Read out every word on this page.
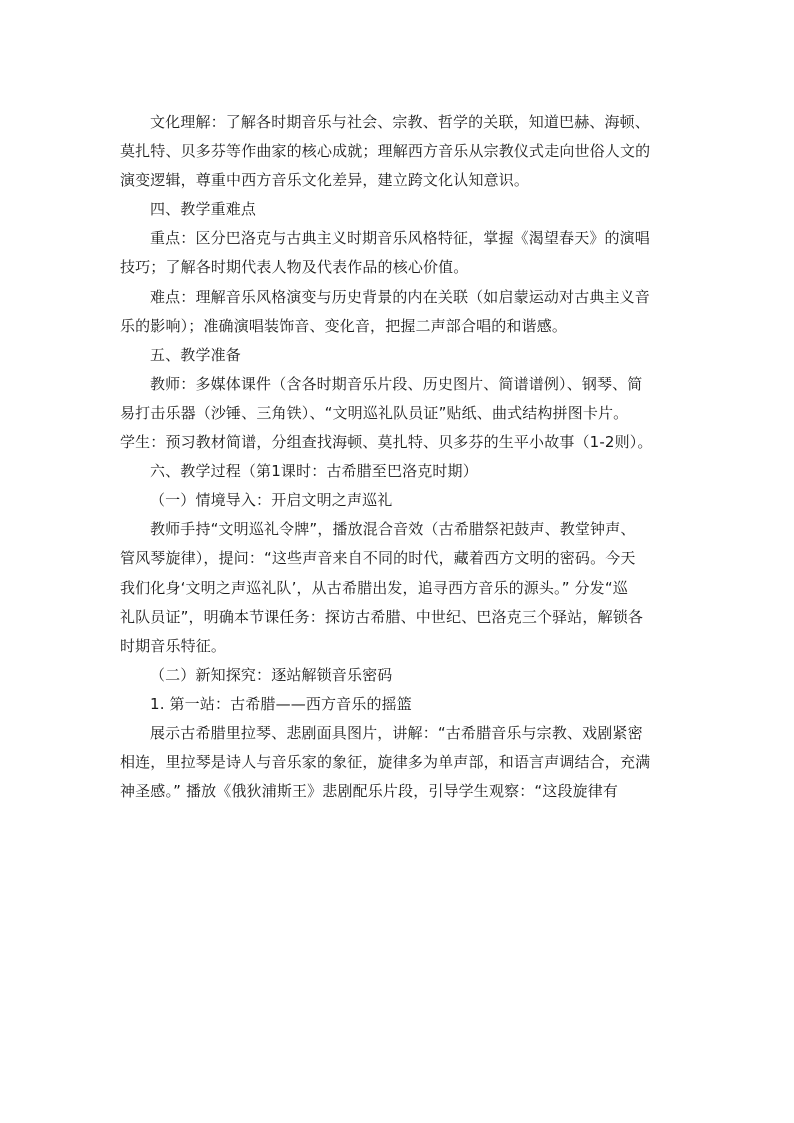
文化理解：了解各时期音乐与社会、宗教、哲学的关联，知道巴赫、海顿、
莫扎特、贝多芬等作曲家的核心成就；理解西方音乐从宗教仪式走向世俗人文的
演变逻辑，尊重中西方音乐文化差异，建立跨文化认知意识。
四、教学重难点
重点：区分巴洛克与古典主义时期音乐风格特征，掌握《渴望春天》的演唱
技巧；了解各时期代表人物及代表作品的核心价值。
难点：理解音乐风格演变与历史背景的内在关联（如启蒙运动对古典主义音
乐的影响）；准确演唱装饰音、变化音，把握二声部合唱的和谐感。
五、教学准备
教师：多媒体课件（含各时期音乐片段、历史图片、简谱谱例）、钢琴、简
易打击乐器（沙锤、三角铁）、“文明巡礼队员证”贴纸、曲式结构拼图卡片。
学生：预习教材简谱，分组查找海顿、莫扎特、贝多芬的生平小故事（1-2则）。
六、教学过程（第1课时：古希腊至巴洛克时期）
（一）情境导入：开启文明之声巡礼
教师手持“文明巡礼令牌”，播放混合音效（古希腊祭祀鼓声、教堂钟声、
管风琴旋律），提问：“这些声音来自不同的时代，藏着西方文明的密码。今天
我们化身‘文明之声巡礼队’，从古希腊出发，追寻西方音乐的源头。” 分发“巡
礼队员证”，明确本节课任务：探访古希腊、中世纪、巴洛克三个驿站，解锁各
时期音乐特征。
（二）新知探究：逐站解锁音乐密码
1. 第一站：古希腊——西方音乐的摇篮
展示古希腊里拉琴、悲剧面具图片，讲解：“古希腊音乐与宗教、戏剧紧密
相连，里拉琴是诗人与音乐家的象征，旋律多为单声部，和语言声调结合，充满
神圣感。” 播放《俄狄浦斯王》悲剧配乐片段，引导学生观察：“这段旋律有
